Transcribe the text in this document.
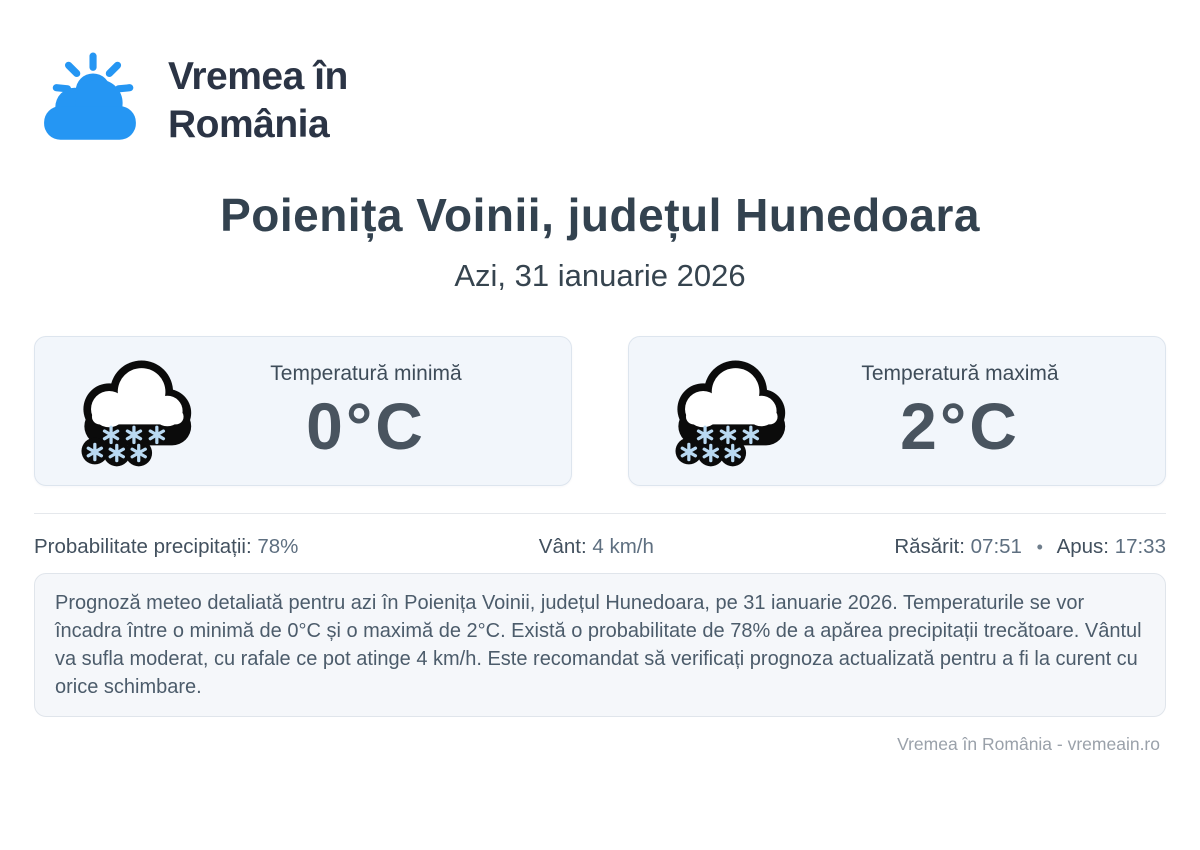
Vremea în
România
Poienița Voinii, județul Hunedoara
Azi, 31 ianuarie 2026
Temperatură minimă
0°C
Temperatură maximă
2°C
Probabilitate precipitații: 78%	Vânt: 4 km/h	Răsărit: 07:51 • Apus: 17:33
Prognoză meteo detaliată pentru azi în Poienița Voinii, județul Hunedoara, pe 31 ianuarie 2026. Temperaturile se vor încadra între o minimă de 0°C și o maximă de 2°C. Există o probabilitate de 78% de a apărea precipitații trecătoare. Vântul va sufla moderat, cu rafale ce pot atinge 4 km/h. Este recomandat să verificați prognoza actualizată pentru a fi la curent cu orice schimbare.
Vremea în România - vremeain.ro
